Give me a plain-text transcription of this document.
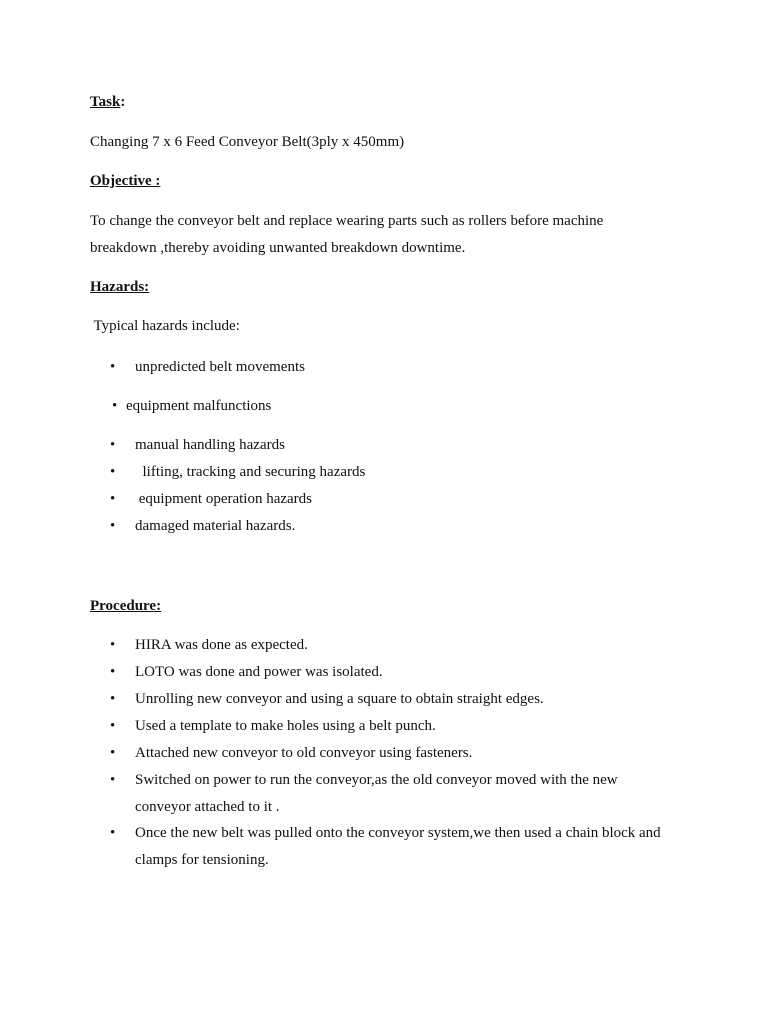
Task:
Changing 7 x 6 Feed Conveyor Belt(3ply x 450mm)
Objective :
To change the conveyor belt and replace wearing parts such as rollers before machine
breakdown ,thereby avoiding unwanted breakdown downtime.
Hazards:
Typical hazards include:
• unpredicted belt movements
• equipment malfunctions
• manual handling hazards
• lifting, tracking and securing hazards
• equipment operation hazards
• damaged material hazards.
Procedure:
• HIRA was done as expected.
• LOTO was done and power was isolated.
• Unrolling new conveyor and using a square to obtain straight edges.
• Used a template to make holes using a belt punch.
• Attached new conveyor to old conveyor using fasteners.
• Switched on power to run the conveyor,as the old conveyor moved with the new
conveyor attached to it .
• Once the new belt was pulled onto the conveyor system,we then used a chain block and
clamps for tensioning.
